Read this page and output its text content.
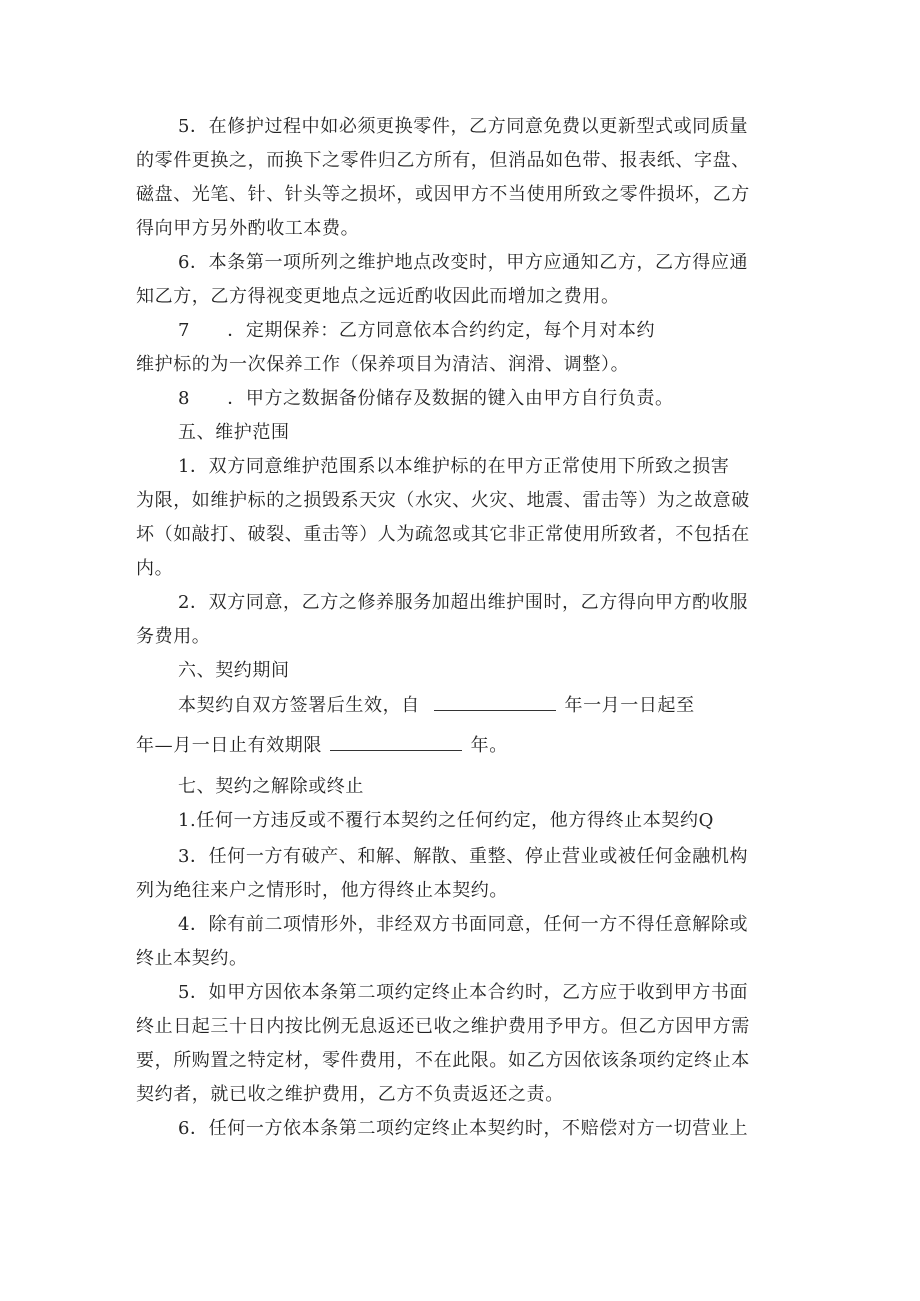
5．在修护过程中如必须更换零件，乙方同意免费以更新型式或同质量
的零件更换之，而换下之零件归乙方所有，但消品如色带、报表纸、字盘、
磁盘、光笔、针、针头等之损坏，或因甲方不当使用所致之零件损坏，乙方
得向甲方另外酌收工本费。
6．本条第一项所列之维护地点改变时，甲方应通知乙方，乙方得应通
知乙方，乙方得视变更地点之远近酌收因此而增加之费用。
7　　．定期保养：乙方同意依本合约约定，每个月对本约
维护标的为一次保养工作（保养项目为清洁、润滑、调整）。
8　　．甲方之数据备份储存及数据的键入由甲方自行负责。
五、维护范围
1．双方同意维护范围系以本维护标的在甲方正常使用下所致之损害
为限，如维护标的之损毁系天灾（水灾、火灾、地震、雷击等）为之故意破
坏（如敲打、破裂、重击等）人为疏忽或其它非正常使用所致者，不包括在
内。
2．双方同意，乙方之修养服务加超出维护围时，乙方得向甲方酌收服
务费用。
六、契约期间
本契约自双方签署后生效，自	年一月一日起至
年—月一日止有效期限	年。
七、契约之解除或终止
1.任何一方违反或不覆行本契约之任何约定，他方得终止本契约Q
3．任何一方有破产、和解、解散、重整、停止营业或被任何金融机构
列为绝往来户之情形时，他方得终止本契约。
4．除有前二项情形外，非经双方书面同意，任何一方不得任意解除或
终止本契约。
5．如甲方因依本条第二项约定终止本合约时，乙方应于收到甲方书面
终止日起三十日内按比例无息返还已收之维护费用予甲方。但乙方因甲方需
要，所购置之特定材，零件费用，不在此限。如乙方因依该条项约定终止本
契约者，就已收之维护费用，乙方不负责返还之责。
6．任何一方依本条第二项约定终止本契约时，不赔偿对方一切营业上
